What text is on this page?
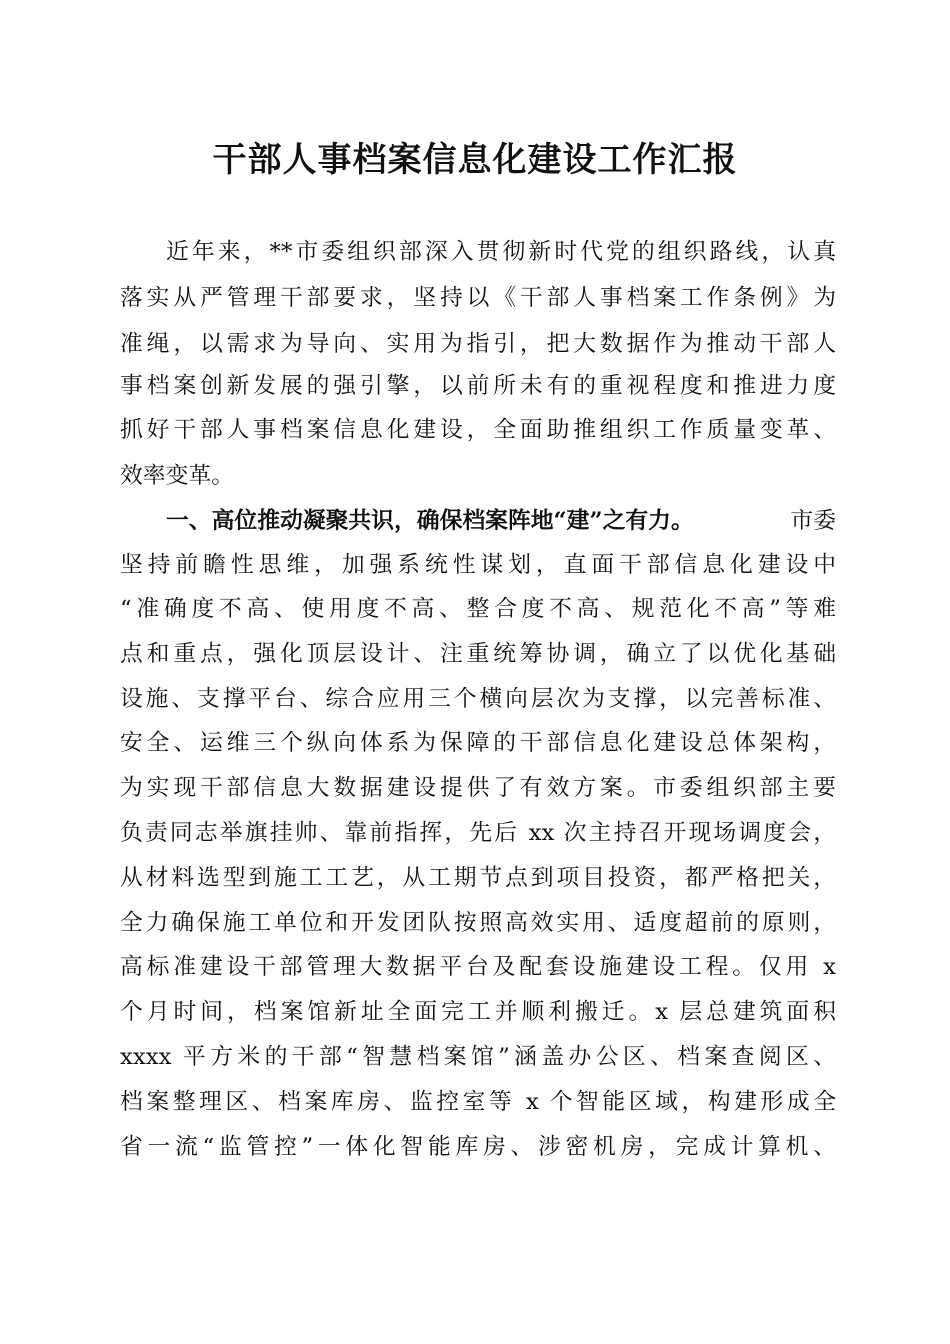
干部人事档案信息化建设工作汇报
近年来，**市委组织部深入贯彻新时代党的组织路线，认真
落实从严管理干部要求，坚持以《干部人事档案工作条例》为
准绳，以需求为导向、实用为指引，把大数据作为推动干部人
事档案创新发展的强引擎，以前所未有的重视程度和推进力度
抓好干部人事档案信息化建设，全面助推组织工作质量变革、
效率变革。
一、高位推动凝聚共识，确保档案阵地“建”之有力。	市委
坚持前瞻性思维，加强系统性谋划，直面干部信息化建设中
“准确度不高、使用度不高、整合度不高、规范化不高”等难
点和重点，强化顶层设计、注重统筹协调，确立了以优化基础
设施、支撑平台、综合应用三个横向层次为支撑，以完善标准、
安全、运维三个纵向体系为保障的干部信息化建设总体架构，
为实现干部信息大数据建设提供了有效方案。市委组织部主要
负责同志举旗挂帅、靠前指挥，先后 xx 次主持召开现场调度会，
从材料选型到施工工艺，从工期节点到项目投资，都严格把关，
全力确保施工单位和开发团队按照高效实用、适度超前的原则，
高标准建设干部管理大数据平台及配套设施建设工程。仅用 x
个月时间，档案馆新址全面完工并顺利搬迁。x 层总建筑面积
xxxx 平方米的干部“智慧档案馆”涵盖办公区、档案查阅区、
档案整理区、档案库房、监控室等 x 个智能区域，构建形成全
省一流“监管控”一体化智能库房、涉密机房，完成计算机、
